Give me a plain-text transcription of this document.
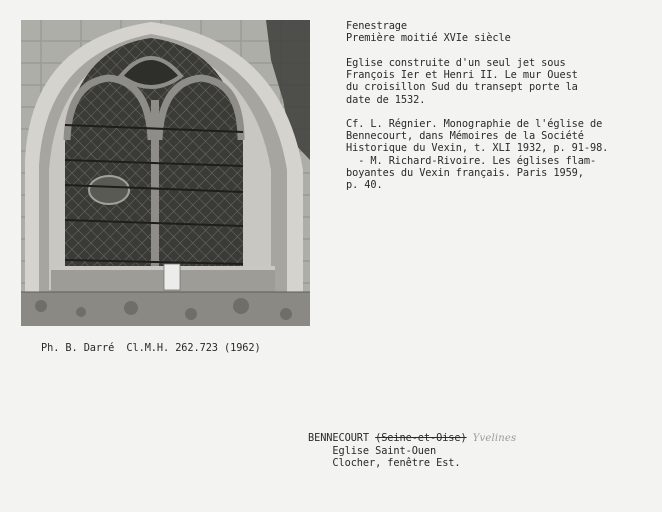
Fenestrage
Première moitié XVIe siècle
Eglise construite d'un seul jet sous
François Ier et Henri II. Le mur Ouest
du croisillon Sud du transept porte la
date de 1532.
Cf. L. Régnier. Monographie de l'église de
Bennecourt, dans Mémoires de la Société
Historique du Vexin, t. XLI 1932, p. 91-98.
- M. Richard-Rivoire. Les églises flam-
boyantes du Vexin français. Paris 1959,
p. 40.
Ph. B. Darré Cl.M.H. 262.723 (1962)
BENNECOURT (Seine-et-Oise) Yvelines
Eglise Saint-Ouen
Clocher, fenêtre Est.
